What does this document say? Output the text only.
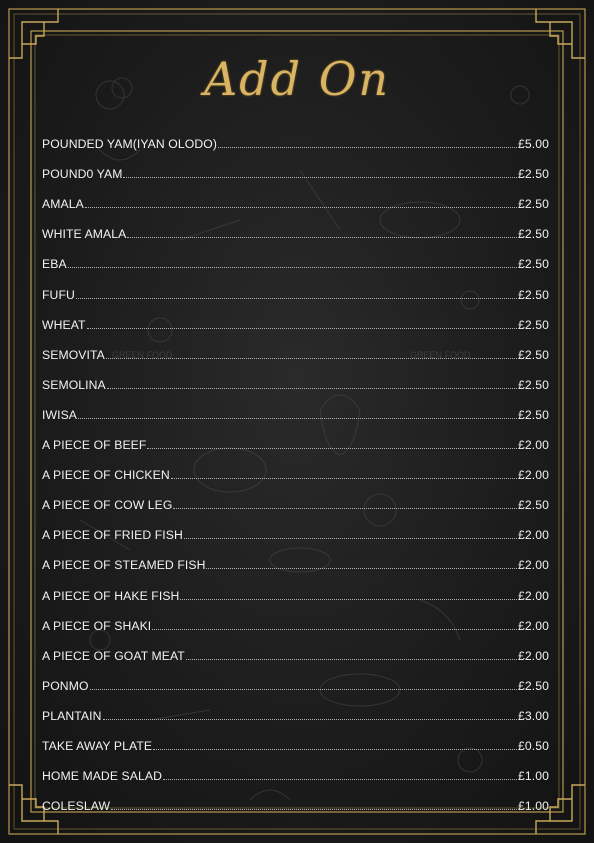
GREEN FOOD	GREEN FOOD
Add On
POUNDED YAM(IYAN OLODO)	£5.00
POUND0 YAM	£2.50
AMALA	£2.50
WHITE AMALA	£2.50
EBA	£2.50
FUFU	£2.50
WHEAT	£2.50
SEMOVITA	£2.50
SEMOLINA	£2.50
IWISA	£2.50
A PIECE OF BEEF	£2.00
A PIECE OF CHICKEN	£2.00
A PIECE OF COW LEG	£2.50
A PIECE OF FRIED FISH	£2.00
A PIECE OF STEAMED FISH	£2.00
A PIECE OF HAKE FISH	£2.00
A PIECE OF SHAKI	£2.00
A PIECE OF GOAT MEAT	£2.00
PONMO	£2.50
PLANTAIN	£3.00
TAKE AWAY PLATE	£0.50
HOME MADE SALAD	£1.00
COLESLAW	£1.00
